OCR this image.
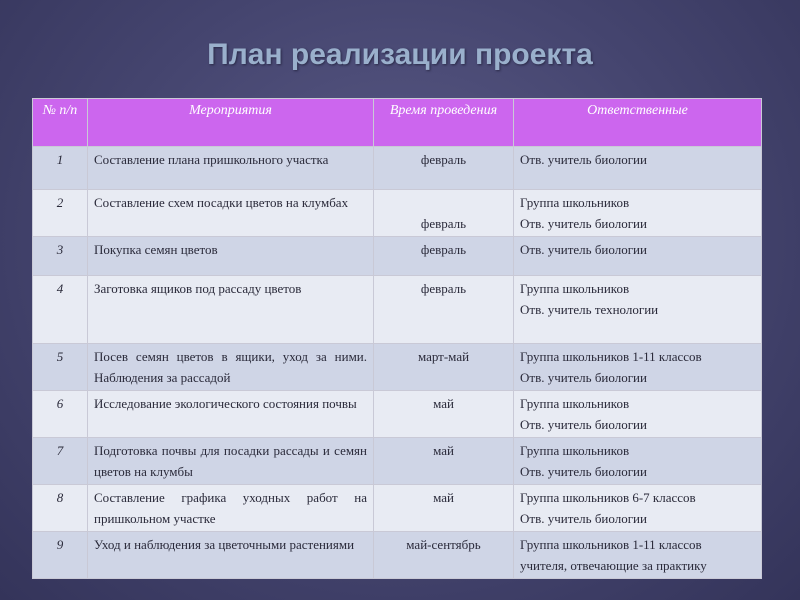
План реализации проекта
№ п/п	Мероприятия	Время проведения	Ответственные
1	Составление плана пришкольного участка	февраль	Отв. учитель биологии

2	Составление схем посадки цветов на клумбах	февраль	Группа школьников
Отв. учитель биологии

3	Покупка семян цветов	февраль	Отв. учитель биологии

4	Заготовка ящиков под рассаду цветов	февраль	Группа школьников
Отв. учитель технологии

5	Посев семян цветов в ящики, уход за ними. Наблюдения за рассадой	март-май	Группа школьников 1-11 классов
Отв. учитель биологии

6	Исследование экологического состояния почвы	май	Группа школьников
Отв. учитель биологии

7	Подготовка почвы для посадки рассады и семян цветов на клумбы	май	Группа школьников
Отв. учитель биологии

8	Составление графика уходных работ на пришкольном участке	май	Группа школьников 6-7 классов
Отв. учитель биологии

9	Уход и наблюдения за цветочными растениями	май-сентябрь	Группа школьников 1-11 классов
учителя, отвечающие за практику
